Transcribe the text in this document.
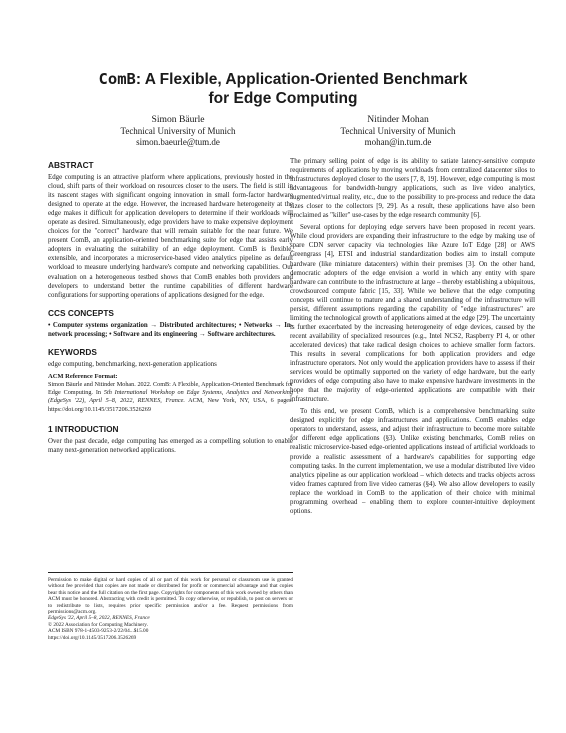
ComB: A Flexible, Application-Oriented Benchmark
for Edge Computing
Simon Bäurle
Technical University of Munich
simon.baeurle@tum.de
Nitinder Mohan
Technical University of Munich
mohan@in.tum.de
ABSTRACT

Edge computing is an attractive platform where applications, previously hosted in the cloud, shift parts of their workload on resources closer to the users. The field is still in its nascent stages with significant ongoing innovation in small form-factor hardware designed to operate at the edge. However, the increased hardware heterogeneity at the edge makes it difficult for application developers to determine if their workloads will operate as desired. Simultaneously, edge providers have to make expensive deployment choices for the "correct" hardware that will remain suitable for the near future. We present ComB, an application-oriented benchmarking suite for edge that assists early adopters in evaluating the suitability of an edge deployment. ComB is flexible, extensible, and incorporates a microservice-based video analytics pipeline as default workload to measure underlying hardware's compute and networking capabilities. Our evaluation on a heterogeneous testbed shows that ComB enables both providers and developers to understand better the runtime capabilities of different hardware configurations for supporting operations of applications designed for the edge.

CCS CONCEPTS

• Computer systems organization → Distributed architectures; • Networks → In-network processing; • Software and its engineering → Software architectures.

KEYWORDS

edge computing, benchmarking, next-generation applications

ACM Reference Format:
Simon Bäurle and Nitinder Mohan. 2022. ComB: A Flexible, Application-Oriented Benchmark for Edge Computing. In 5th International Workshop on Edge Systems, Analytics and Networking (EdgeSys '22), April 5–8, 2022, RENNES, France. ACM, New York, NY, USA, 6 pages. https://doi.org/10.1145/3517206.3526269
1 INTRODUCTION

Over the past decade, edge computing has emerged as a compelling solution to enable many next-generation networked applications.

Permission to make digital or hard copies of all or part of this work for personal or classroom use is granted without fee provided that copies are not made or distributed for profit or commercial advantage and that copies bear this notice and the full citation on the first page. Copyrights for components of this work owned by others than ACM must be honored. Abstracting with credit is permitted. To copy otherwise, or republish, to post on servers or to redistribute to lists, requires prior specific permission and/or a fee. Request permissions from permissions@acm.org.
EdgeSys '22, April 5–8, 2022, RENNES, France
© 2022 Association for Computing Machinery.
ACM ISBN 978-1-4503-9253-2/22/04...$15.00
https://doi.org/10.1145/3517206.3526269

The primary selling point of edge is its ability to satiate latency-sensitive compute requirements of applications by moving workloads from centralized datacenter silos to infrastructures deployed closer to the users [7, 8, 19]. However, edge computing is most advantageous for bandwidth-hungry applications, such as live video analytics, augmented/virtual reality, etc., due to the possibility to pre-process and reduce the data sizes closer to the collectors [9, 29]. As a result, these applications have also been proclaimed as "killer" use-cases by the edge research community [6].

Several options for deploying edge servers have been proposed in recent years. While cloud providers are expanding their infrastructure to the edge by making use of spare CDN server capacity via technologies like Azure IoT Edge [28] or AWS Greengrass [4], ETSI and industrial standardization bodies aim to install compute hardware (like miniature datacenters) within their premises [3]. On the other hand, democratic adopters of the edge envision a world in which any entity with spare hardware can contribute to the infrastructure at large – thereby establishing a ubiquitous, crowdsourced compute fabric [15, 33]. While we believe that the edge computing concepts will continue to mature and a shared understanding of the infrastructure will persist, different assumptions regarding the capability of "edge infrastructures" are limiting the technological growth of applications aimed at the edge [29]. The uncertainty is further exacerbated by the increasing heterogeneity of edge devices, caused by the recent availability of specialized resources (e.g., Intel NCS2, Raspberry PI 4, or other accelerated devices) that take radical design choices to achieve smaller form factors. This results in several complications for both application providers and edge infrastructure operators. Not only would the application providers have to assess if their services would be optimally supported on the variety of edge hardware, but the early providers of edge computing also have to make expensive hardware investments in the hope that the majority of edge-oriented applications are compatible with their infrastructure.

To this end, we present ComB, which is a comprehensive benchmarking suite designed explicitly for edge infrastructures and applications. ComB enables edge operators to understand, assess, and adjust their infrastructure to become more suitable for different edge applications (§3). Unlike existing benchmarks, ComB relies on realistic microservice-based edge-oriented applications instead of artificial workloads to provide a realistic assessment of a hardware's capabilities for supporting edge computing tasks. In the current implementation, we use a modular distributed live video analytics pipeline as our application workload – which detects and tracks objects across video frames captured from live video cameras (§4). We also allow developers to easily replace the workload in ComB to the application of their choice with minimal programming overhead – enabling them to explore counter-intuitive deployment options.
